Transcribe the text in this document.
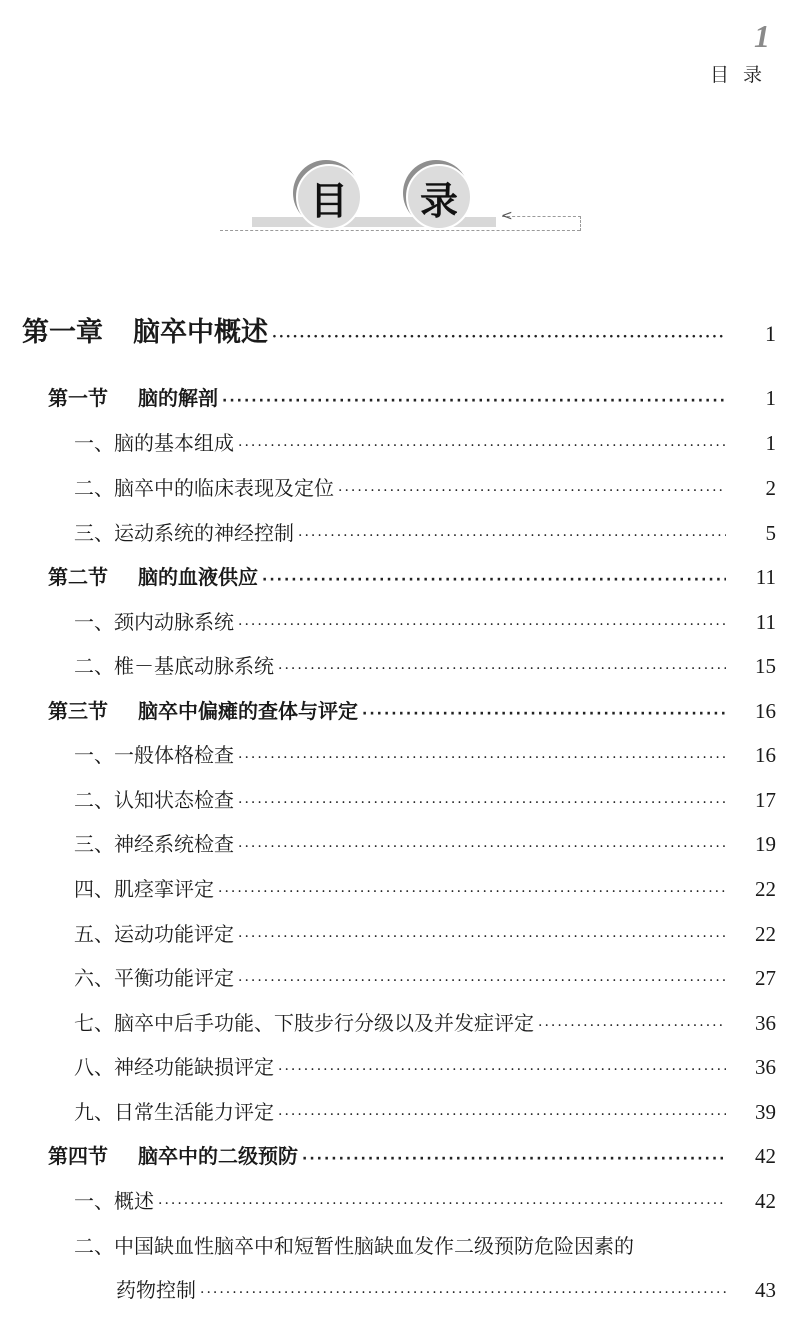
1
目录
<
目	录
第一章 脑卒中概述 ·····	1
第一节 脑的解剖 ·····	1
一、脑的基本组成 ·····	1
二、脑卒中的临床表现及定位 ·····	2
三、运动系统的神经控制 ·····	5
第二节 脑的血液供应 ·····	11
一、颈内动脉系统 ·····	11
二、椎－基底动脉系统 ·····	15
第三节 脑卒中偏瘫的查体与评定 ·····	16
一、一般体格检查 ·····	16
二、认知状态检查 ·····	17
三、神经系统检查 ·····	19
四、肌痉挛评定 ·····	22
五、运动功能评定 ·····	22
六、平衡功能评定 ·····	27
七、脑卒中后手功能、下肢步行分级以及并发症评定 ·····	36
八、神经功能缺损评定 ·····	36
九、日常生活能力评定 ·····	39
第四节 脑卒中的二级预防 ·····	42
一、概述 ·····	42
二、中国缺血性脑卒中和短暂性脑缺血发作二级预防危险因素的
药物控制 ·····	43
